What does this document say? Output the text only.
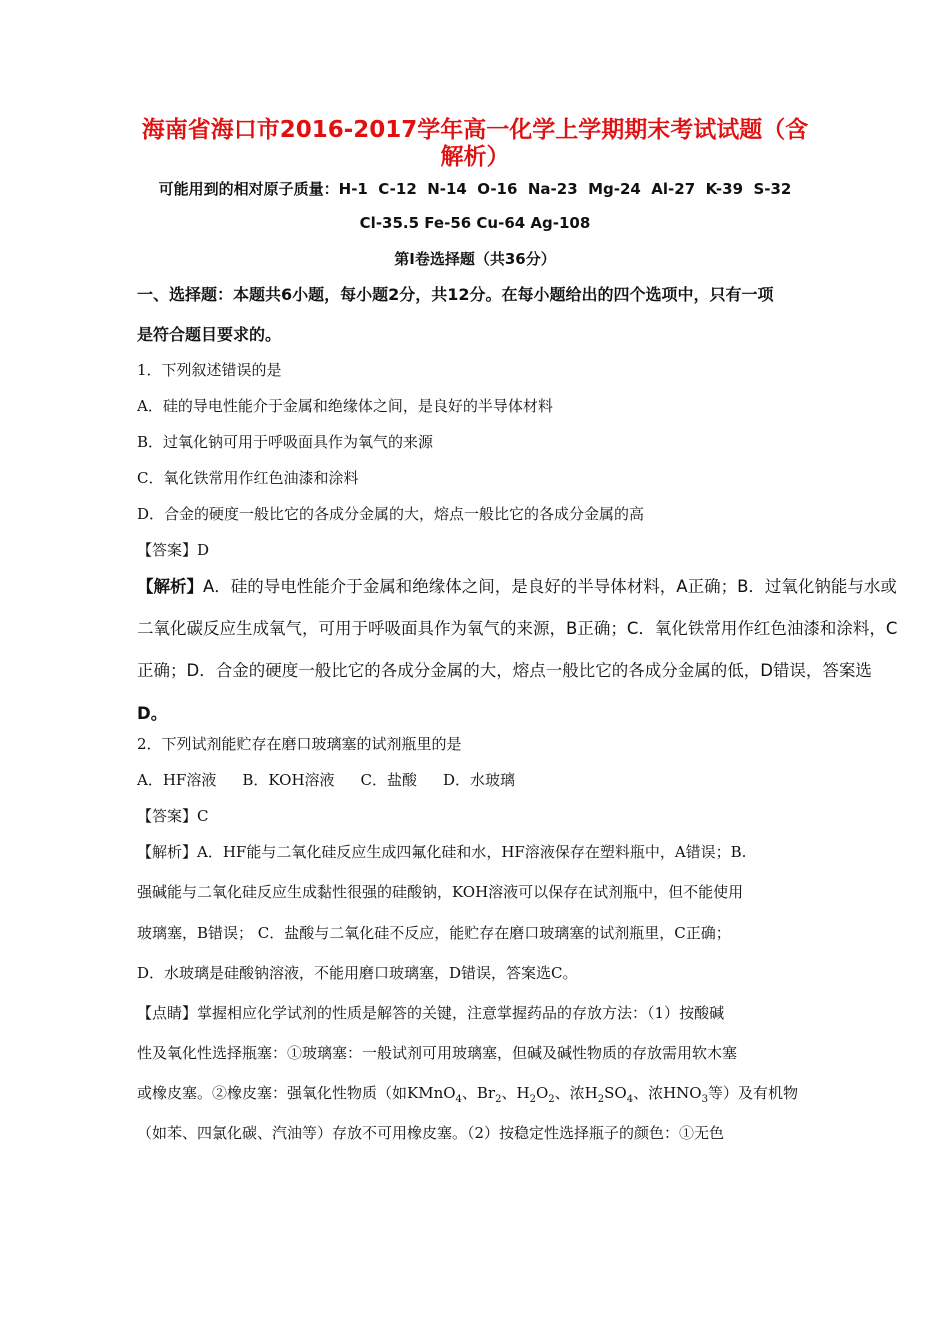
海南省海口市2016-2017学年高一化学上学期期末考试试题（含解析）
可能用到的相对原子质量：H-1  C-12  N-14  O-16  Na-23  Mg-24  Al-27  K-39  S-32
Cl-35.5 Fe-56 Cu-64 Ag-108
第Ⅰ卷选择题（共36分）
一、选择题：本题共6小题，每小题2分，共12分。在每小题给出的四个选项中，只有一项
是符合题目要求的。
1．下列叙述错误的是
A．硅的导电性能介于金属和绝缘体之间，是良好的半导体材料
B．过氧化钠可用于呼吸面具作为氧气的来源
C．氧化铁常用作红色油漆和涂料
D．合金的硬度一般比它的各成分金属的大，熔点一般比它的各成分金属的高
【答案】D
【解析】A．硅的导电性能介于金属和绝缘体之间，是良好的半导体材料，A正确；B．过氧化钠能与水或
二氧化碳反应生成氧气，可用于呼吸面具作为氧气的来源，B正确；C．氧化铁常用作红色油漆和涂料，C
正确；D．合金的硬度一般比它的各成分金属的大，熔点一般比它的各成分金属的低，D错误，答案选
D。
2．下列试剂能贮存在磨口玻璃塞的试剂瓶里的是
A．HF溶液 B．KOH溶液 C．盐酸 D．水玻璃
【答案】C
【解析】A．HF能与二氧化硅反应生成四氟化硅和水，HF溶液保存在塑料瓶中，A错误；B.
强碱能与二氧化硅反应生成黏性很强的硅酸钠，KOH溶液可以保存在试剂瓶中，但不能使用
玻璃塞，B错误； C．盐酸与二氧化硅不反应，能贮存在磨口玻璃塞的试剂瓶里，C正确；
D．水玻璃是硅酸钠溶液，不能用磨口玻璃塞，D错误，答案选C。
【点睛】掌握相应化学试剂的性质是解答的关键，注意掌握药品的存放方法：（1）按酸碱
性及氧化性选择瓶塞：①玻璃塞：一般试剂可用玻璃塞，但碱及碱性物质的存放需用软木塞
或橡皮塞。②橡皮塞：强氧化性物质（如KMnO$_4$、$Br_2$、$H_2O_2$、浓$H_2SO_4$、浓$HNO_3$等）及有机物
（如苯、四氯化碳、汽油等）存放不可用橡皮塞。（2）按稳定性选择瓶子的颜色：①无色
